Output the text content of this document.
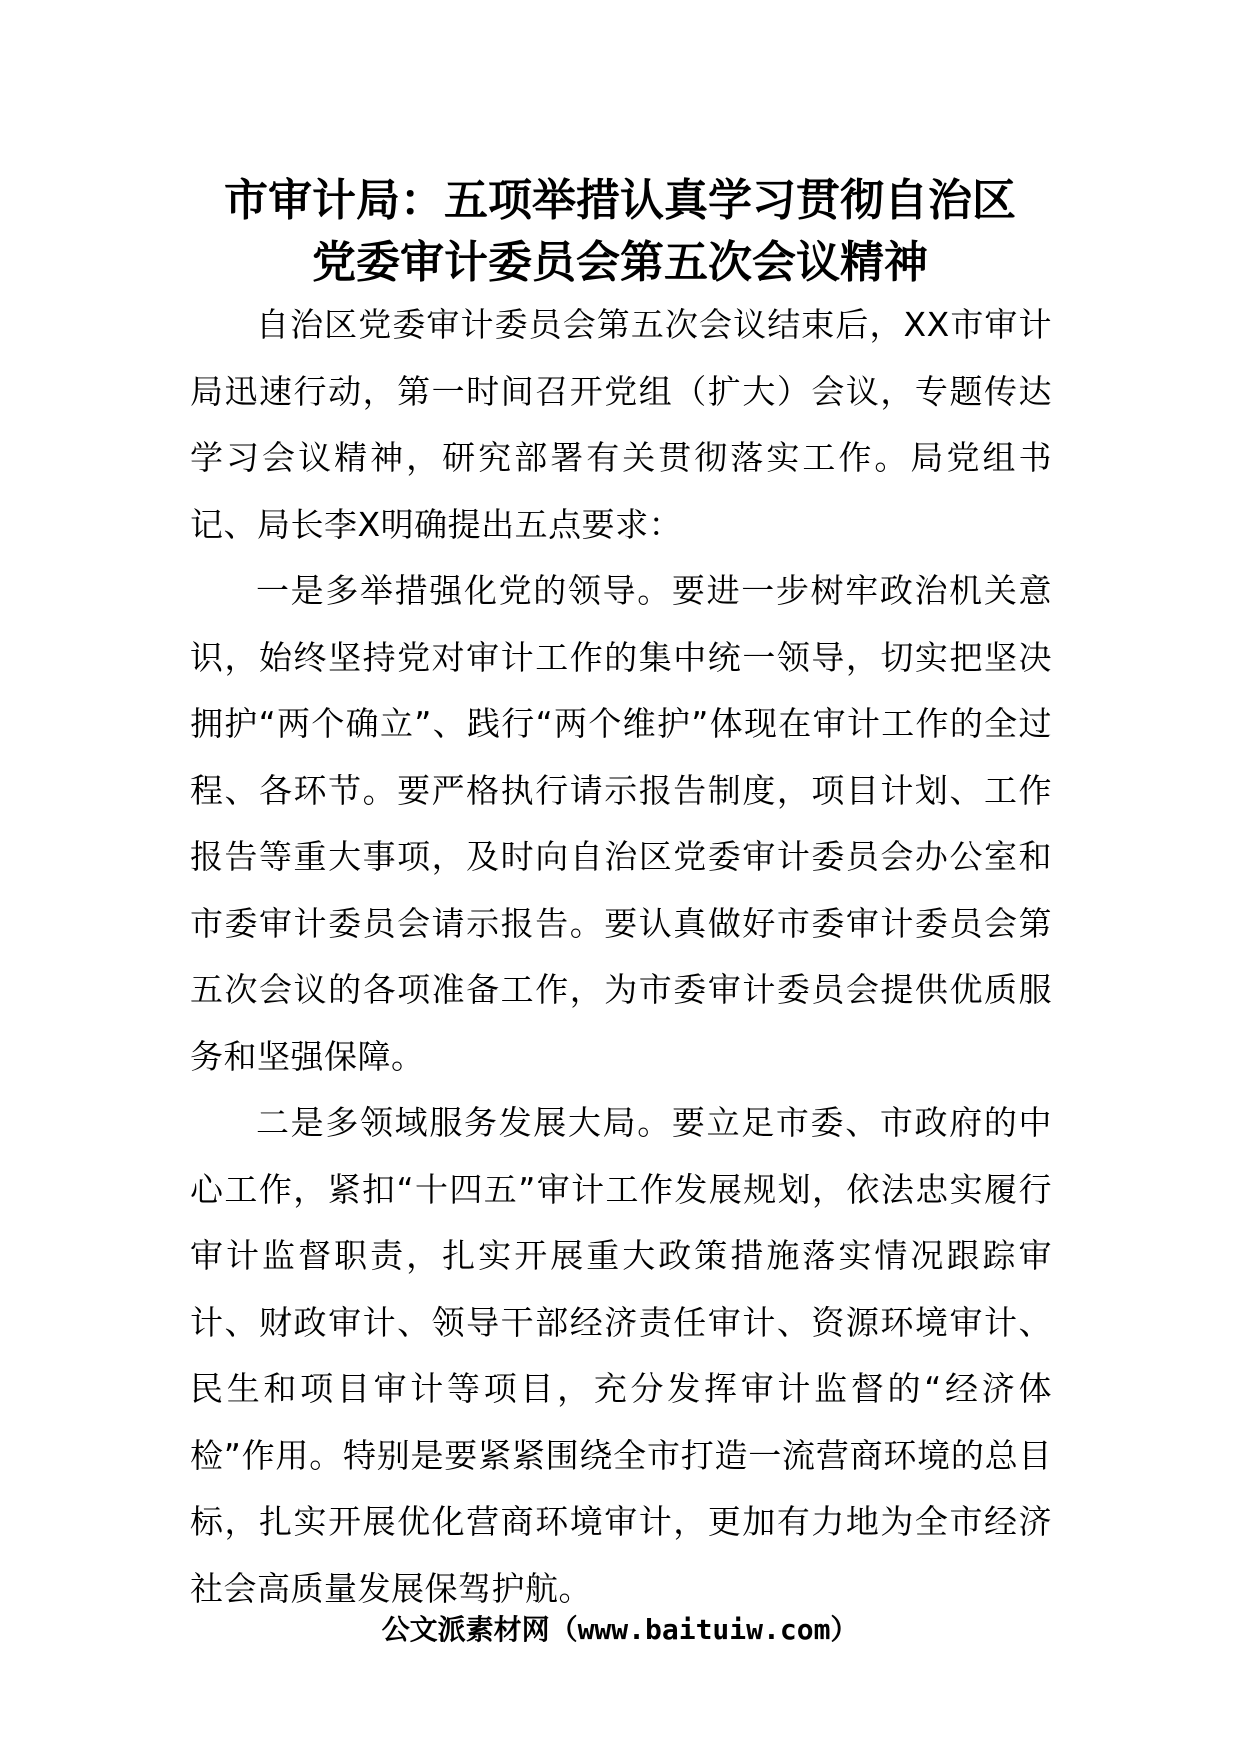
市审计局：五项举措认真学习贯彻自治区
党委审计委员会第五次会议精神

自治区党委审计委员会第五次会议结束后，XX市审计局迅速行动，第一时间召开党组（扩大）会议，专题传达学习会议精神，研究部署有关贯彻落实工作。局党组书记、局长李X明确提出五点要求：

一是多举措强化党的领导。要进一步树牢政治机关意识，始终坚持党对审计工作的集中统一领导，切实把坚决拥护“两个确立”、践行“两个维护”体现在审计工作的全过程、各环节。要严格执行请示报告制度，项目计划、工作报告等重大事项，及时向自治区党委审计委员会办公室和市委审计委员会请示报告。要认真做好市委审计委员会第五次会议的各项准备工作，为市委审计委员会提供优质服务和坚强保障。

二是多领域服务发展大局。要立足市委、市政府的中心工作，紧扣“十四五”审计工作发展规划，依法忠实履行审计监督职责，扎实开展重大政策措施落实情况跟踪审计、财政审计、领导干部经济责任审计、资源环境审计、民生和项目审计等项目，充分发挥审计监督的“经济体检”作用。特别是要紧紧围绕全市打造一流营商环境的总目标，扎实开展优化营商环境审计，更加有力地为全市经济社会高质量发展保驾护航。

公文派素材网（www.baituiw.com）
